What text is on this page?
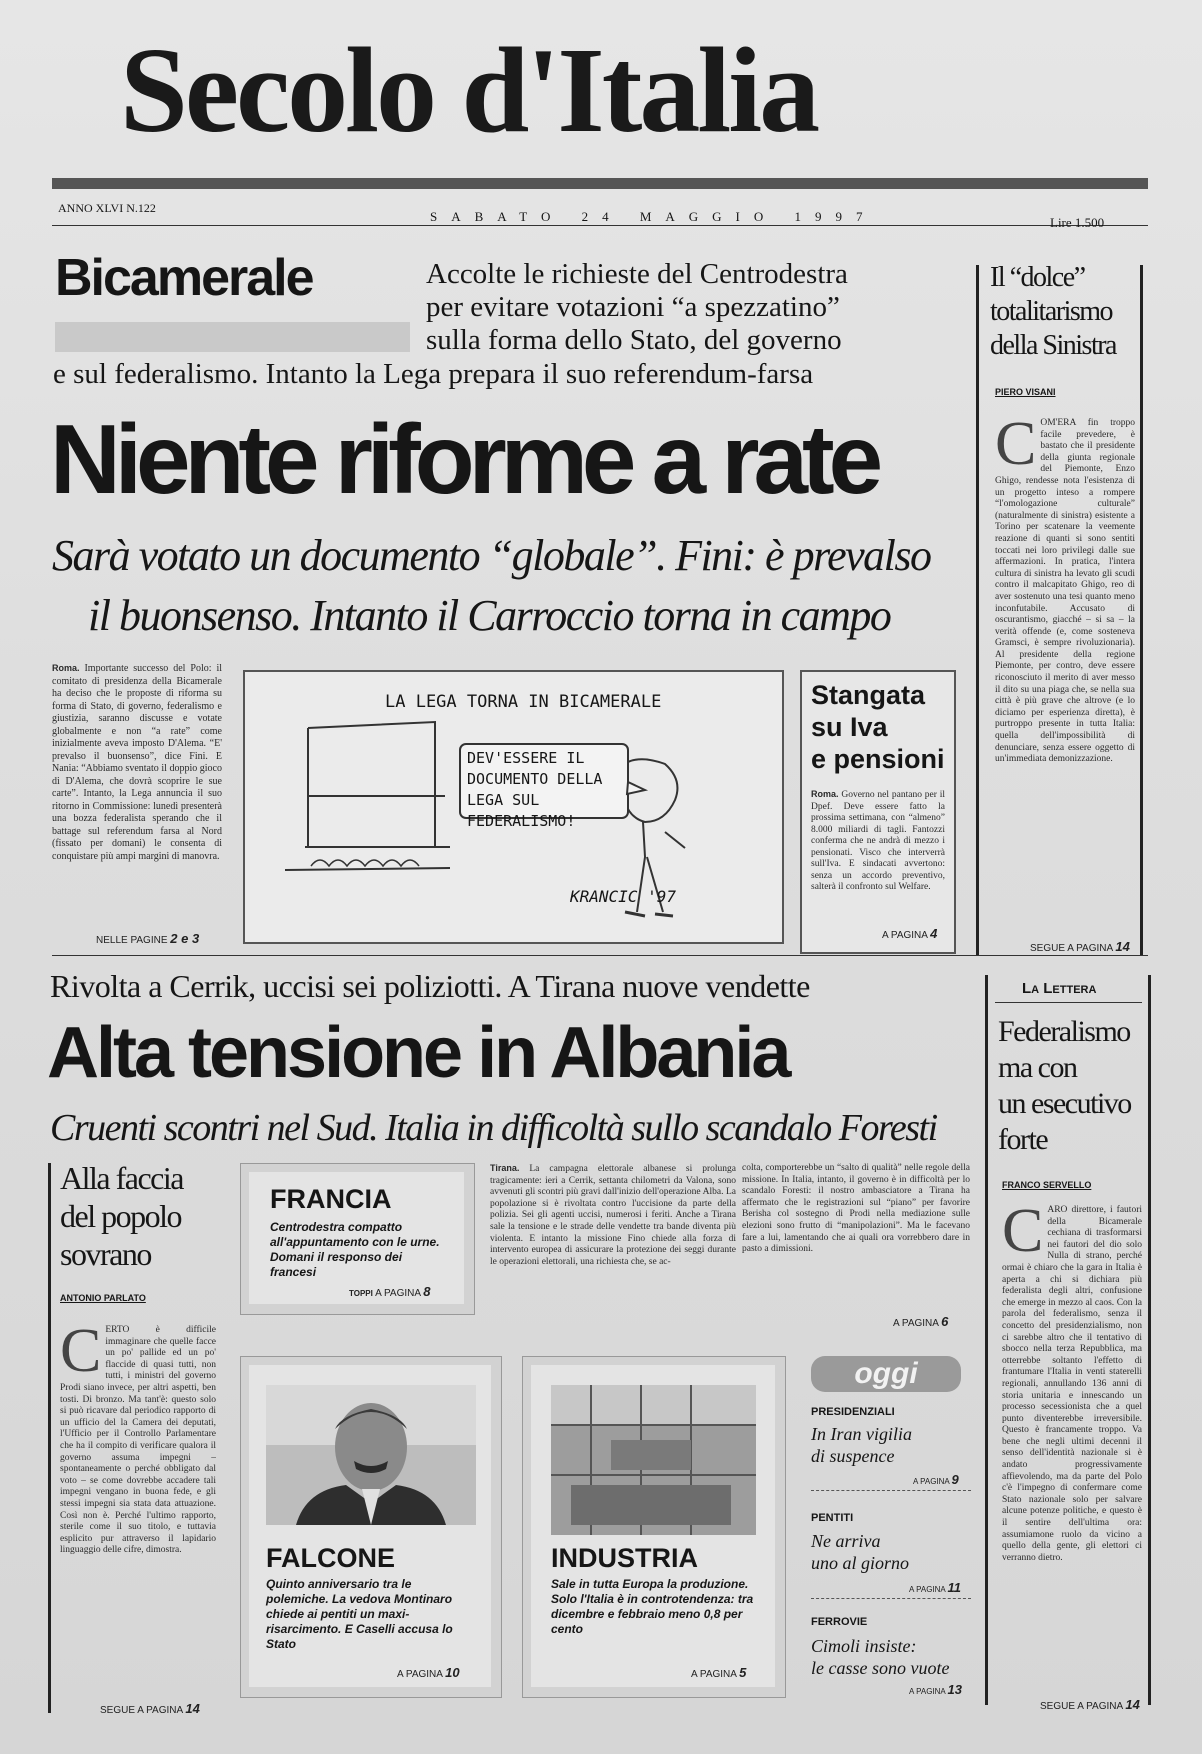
Secolo d'Italia
ANNO XLVI N.122
SABATO 24 MAGGIO 1997	Lire 1.500
Bicamerale	Accolte le richieste del Centrodestra
per evitare votazioni “a spezzatino”
sulla forma dello Stato, del governo
e sul federalismo. Intanto la Lega prepara il suo referendum-farsa
Niente riforme a rate
Sarà votato un documento “globale”. Fini: è prevalso
il buonsenso. Intanto il Carroccio torna in campo
Roma. Importante successo del Polo: il comitato di presidenza della Bicamerale ha deciso che le proposte di riforma su forma di Stato, di governo, federalismo e giustizia, saranno discusse e votate globalmente e non “a rate” come inizialmente aveva imposto D'Alema. “E' prevalso il buonsenso”, dice Fini. E Nania: “Abbiamo sventato il doppio gioco di D'Alema, che dovrà scoprire le sue carte”. Intanto, la Lega annuncia il suo ritorno in Commissione: lunedì presenterà una bozza federalista sperando che il battage sul referendum farsa al Nord (fissato per domani) le consenta di conquistare più ampi margini di manovra.
NELLE PAGINE 2 e 3
LA LEGA TORNA IN BICAMERALE
DEV'ESSERE IL DOCUMENTO DELLA LEGA SUL FEDERALISMO!
KRANCIC '97
Stangata
su Iva
e pensioni
Roma. Governo nel pantano per il Dpef. Deve essere fatto la prossima settimana, con “almeno” 8.000 miliardi di tagli. Fantozzi conferma che ne andrà di mezzo i pensionati. Visco che interverrà sull'Iva. E sindacati avvertono: senza un accordo preventivo, salterà il confronto sul Welfare.
A PAGINA 4
Il “dolce”
totalitarismo
della Sinistra
PIERO VISANI
C OM'ERA fin troppo facile prevedere, è bastato che il presidente della giunta regionale del Piemonte, Enzo Ghigo, rendesse nota l'esistenza di un progetto inteso a rompere “l'omologazione culturale” (naturalmente di sinistra) esistente a Torino per scatenare la veemente reazione di quanti si sono sentiti toccati nei loro privilegi dalle sue affermazioni. In pratica, l'intera cultura di sinistra ha levato gli scudi contro il malcapitato Ghigo, reo di aver sostenuto una tesi quanto meno inconfutabile. Accusato di oscurantismo, giacché – si sa – la verità offende (e, come sosteneva Gramsci, è sempre rivoluzionaria). Al presidente della regione Piemonte, per contro, deve essere riconosciuto il merito di aver messo il dito su una piaga che, se nella sua città è più grave che altrove (e lo diciamo per esperienza diretta), è purtroppo presente in tutta Italia: quella dell'impossibilità di denunciare, senza essere oggetto di un'immediata demonizzazione.
SEGUE A PAGINA 14
Rivolta a Cerrik, uccisi sei poliziotti. A Tirana nuove vendette
Alta tensione in Albania
Cruenti scontri nel Sud. Italia in difficoltà sullo scandalo Foresti
Tirana. La campagna elettorale albanese si prolunga tragicamente: ieri a Cerrik, settanta chilometri da Valona, sono avvenuti gli scontri più gravi dall'inizio dell'operazione Alba. La popolazione si è rivoltata contro l'uccisione da parte della polizia. Sei gli agenti uccisi, numerosi i feriti. Anche a Tirana sale la tensione e le strade delle vendette tra bande diventa più violenta. E intanto la missione Fino chiede alla forza di intervento europea di assicurare la protezione dei seggi durante le operazioni elettorali, una richiesta che, se ac-
colta, comporterebbe un “salto di qualità” nelle regole della missione. In Italia, intanto, il governo è in difficoltà per lo scandalo Foresti: il nostro ambasciatore a Tirana ha affermato che le registrazioni sul “piano” per favorire Berisha col sostegno di Prodi nella mediazione sulle elezioni sono frutto di “manipolazioni”. Ma le facevano fare a lui, lamentando che ai quali ora vorrebbero dare in pasto a dimissioni.
A PAGINA 6
La Lettera
Federalismo
ma con
un esecutivo
forte
FRANCO SERVELLO
C ARO direttore, i fautori della Bicamerale cechiana di trasformarsi nei fautori del dio solo Nulla di strano, perché ormai è chiaro che la gara in Italia è aperta a chi si dichiara più federalista degli altri, confusione che emerge in mezzo al caos. Con la parola del federalismo, senza il concetto del presidenzialismo, non ci sarebbe altro che il tentativo di sbocco nella terza Repubblica, ma otterrebbe soltanto l'effetto di frantumare l'Italia in venti staterelli regionali, annullando 136 anni di storia unitaria e innescando un processo secessionista che a quel punto diventerebbe irreversibile. Questo è francamente troppo. Va bene che negli ultimi decenni il senso dell'identità nazionale si è andato progressivamente affievolendo, ma da parte del Polo c'è l'impegno di confermare come Stato nazionale solo per salvare alcune potenze politiche, e questo è il sentire dell'ultima ora: assumiamone ruolo da vicino a quello della gente, gli elettori ci verranno dietro.
SEGUE A PAGINA 14
Alla faccia
del popolo
sovrano
ANTONIO PARLATO
C ERTO è difficile immaginare che quelle facce un po' pallide ed un po' flaccide di quasi tutti, non tutti, i ministri del governo Prodi siano invece, per altri aspetti, ben tosti. Di bronzo. Ma tant'è: questo solo si può ricavare dal periodico rapporto di un ufficio del la Camera dei deputati, l'Ufficio per il Controllo Parlamentare che ha il compito di verificare qualora il governo assuma impegni – spontaneamente o perché obbligato dal voto – se come dovrebbe accadere tali impegni vengano in buona fede, e gli stessi impegni sia stata data attuazione. Così non è. Perché l'ultimo rapporto, sterile come il suo titolo, e tuttavia esplicito pur attraverso il lapidario linguaggio delle cifre, dimostra.
SEGUE A PAGINA 14
FRANCIA
Centrodestra compatto all'appuntamento con le urne. Domani il responso dei francesi
TOPPI A PAGINA 8
FALCONE
Quinto anniversario tra le polemiche. La vedova Montinaro chiede ai pentiti un maxi-risarcimento. E Caselli accusa lo Stato
A PAGINA 10
INDUSTRIA
Sale in tutta Europa la produzione. Solo l'Italia è in controtendenza: tra dicembre e febbraio meno 0,8 per cento
A PAGINA 5
oggi
PRESIDENZIALI
In Iran vigilia
di suspence
A PAGINA 9
PENTITI
Ne arriva
uno al giorno
A PAGINA 11
FERROVIE
Cimoli insiste:
le casse sono vuote
A PAGINA 13
